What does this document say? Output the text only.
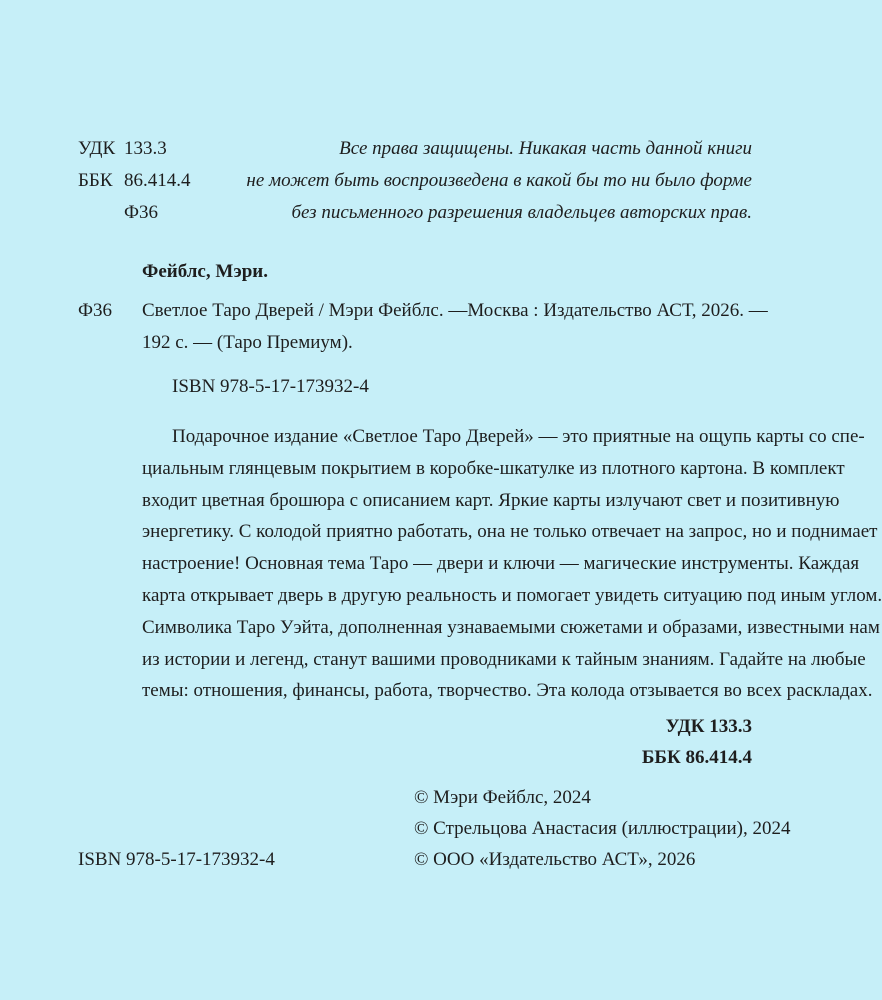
УДК 133.3
ББК 86.414.4
Ф36
Все права защищены. Никакая часть данной книги
не может быть воспроизведена в какой бы то ни было форме
без письменного разрешения владельцев авторских прав.
Фейблс, Мэри.
Ф36 Светлое Таро Дверей / Мэри Фейблс. — Москва : Издательство АСТ, 2026. —
192 с. — (Таро Премиум).
ISBN 978-5-17-173932-4
Подарочное издание «Светлое Таро Дверей» — это приятные на ощупь карты со спе-
циальным глянцевым покрытием в коробке-шкатулке из плотного картона. В комплект
входит цветная брошюра с описанием карт. Яркие карты излучают свет и позитивную
энергетику. С колодой приятно работать, она не только отвечает на запрос, но и поднимает
настроение! Основная тема Таро — двери и ключи — магические инструменты. Каждая
карта открывает дверь в другую реальность и помогает увидеть ситуацию под иным углом.
Символика Таро Уэйта, дополненная узнаваемыми сюжетами и образами, известными нам
из истории и легенд, станут вашими проводниками к тайным знаниям. Гадайте на любые
темы: отношения, финансы, работа, творчество. Эта колода отзывается во всех раскладах.
УДК 133.3
ББК 86.414.4
© Мэри Фейблс, 2024
© Стрельцова Анастасия (иллюстрации), 2024
© ООО «Издательство АСТ», 2026
ISBN 978-5-17-173932-4
